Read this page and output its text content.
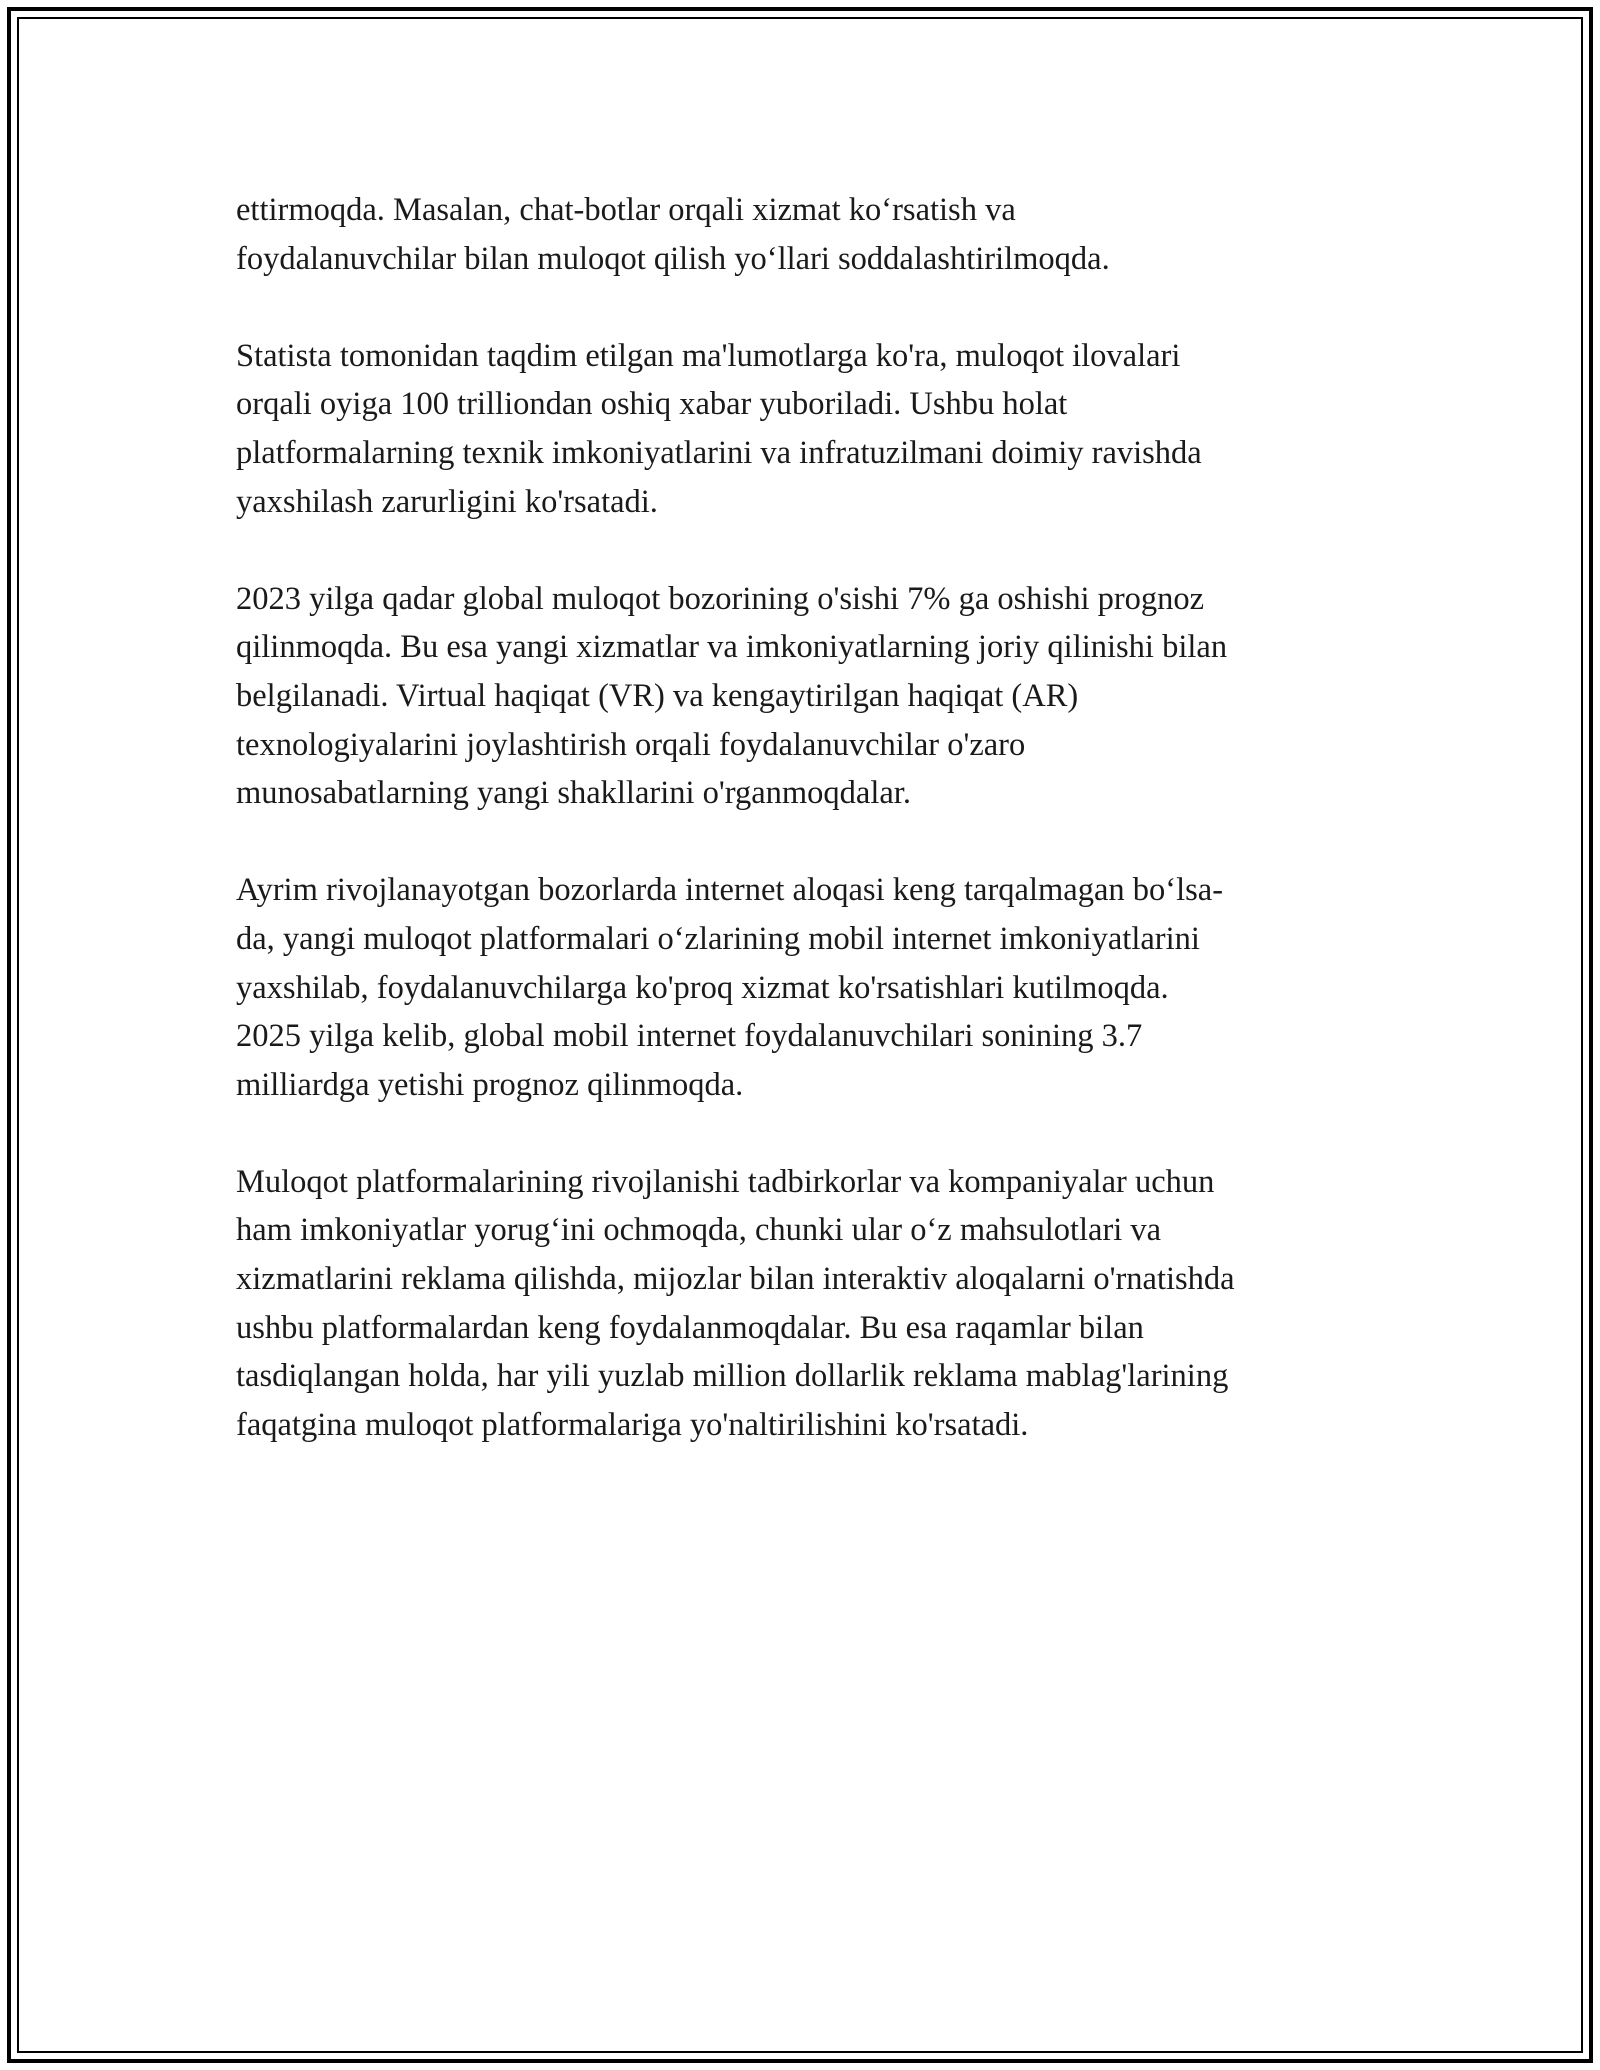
ettirmoqda. Masalan, chat-botlar orqali xizmat ko‘rsatish va
foydalanuvchilar bilan muloqot qilish yo‘llari soddalashtirilmoqda.

Statista tomonidan taqdim etilgan ma'lumotlarga ko'ra, muloqot ilovalari
orqali oyiga 100 trilliondan oshiq xabar yuboriladi. Ushbu holat
platformalarning texnik imkoniyatlarini va infratuzilmani doimiy ravishda
yaxshilash zarurligini ko'rsatadi.

2023 yilga qadar global muloqot bozorining o'sishi 7% ga oshishi prognoz
qilinmoqda. Bu esa yangi xizmatlar va imkoniyatlarning joriy qilinishi bilan
belgilanadi. Virtual haqiqat (VR) va kengaytirilgan haqiqat (AR)
texnologiyalarini joylashtirish orqali foydalanuvchilar o'zaro
munosabatlarning yangi shakllarini o'rganmoqdalar.

Ayrim rivojlanayotgan bozorlarda internet aloqasi keng tarqalmagan bo‘lsa-
da, yangi muloqot platformalari o‘zlarining mobil internet imkoniyatlarini
yaxshilab, foydalanuvchilarga ko'proq xizmat ko'rsatishlari kutilmoqda.
2025 yilga kelib, global mobil internet foydalanuvchilari sonining 3.7
milliardga yetishi prognoz qilinmoqda.

Muloqot platformalarining rivojlanishi tadbirkorlar va kompaniyalar uchun
ham imkoniyatlar yorug‘ini ochmoqda, chunki ular o‘z mahsulotlari va
xizmatlarini reklama qilishda, mijozlar bilan interaktiv aloqalarni o'rnatishda
ushbu platformalardan keng foydalanmoqdalar. Bu esa raqamlar bilan
tasdiqlangan holda, har yili yuzlab million dollarlik reklama mablag'larining
faqatgina muloqot platformalariga yo'naltirilishini ko'rsatadi.
